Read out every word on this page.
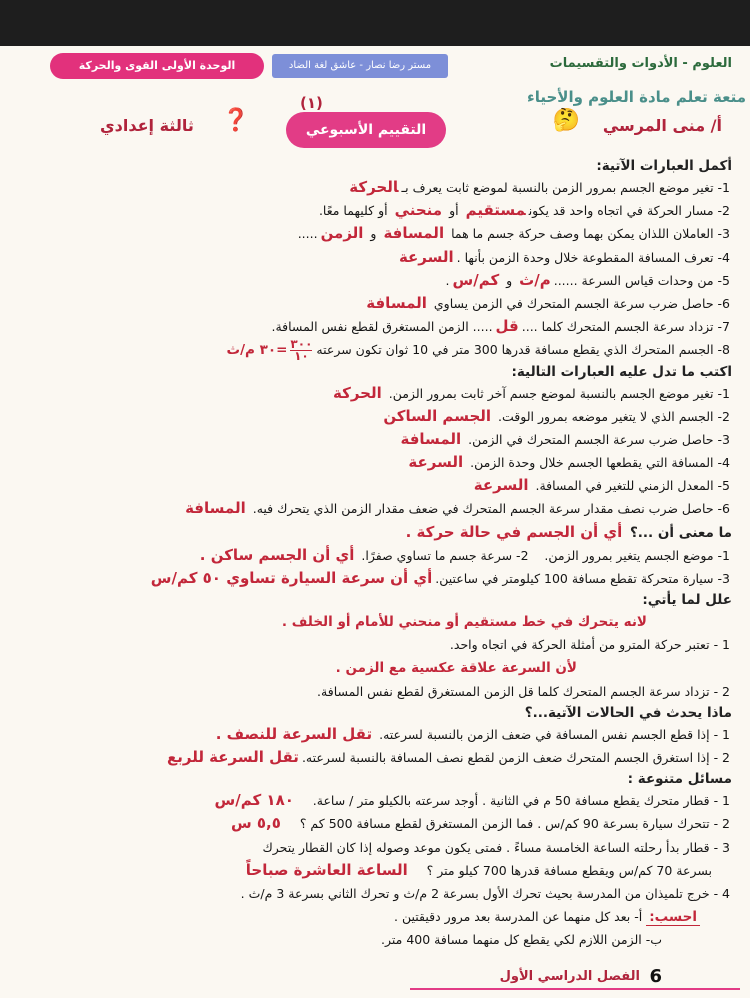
العلوم - الأدوات والتقسيمات
مستر رضا نصار - عاشق لغة الضاد
الوحدة الأولى القوى والحركة
متعة تعلم مادة العلوم والأحياء
أ/ منى المرسي
🤔
(١)
التقييم الأسبوعي
❓
ثالثة إعدادي
أكمل العبارات الآتية:
1- تغير موضع الجسم بمرور الزمن بالنسبة لموضع ثابت يعرف بـالحركة
2- مسار الحركة في اتجاه واحد قد يكونمستقيم أو منحني أو كليهما معًا.
3- العاملان اللذان يمكن بهما وصف حركة جسم ما هما المسافة و الزمن.....
4- تعرف المسافة المقطوعة خلال وحدة الزمن بأنها .السرعة
5- من وحدات قياس السرعة ......م/ث و كم/س.
6- حاصل ضرب سرعة الجسم المتحرك في الزمن يساوي المسافة
7- تزداد سرعة الجسم المتحرك كلما ....قل..... الزمن المستغرق لقطع نفس المسافة.
8- الجسم المتحرك الذي يقطع مسافة قدرها 300 متر في 10 ثوان تكون سرعته $\frac{٣٠٠}{١٠}$
=٣٠ م/ث
اكتب ما تدل عليه العبارات التالية:
1- تغير موضع الجسم بالنسبة لموضع جسم آخر ثابت بمرور الزمن. الحركة
2- الجسم الذي لا يتغير موضعه بمرور الوقت. الجسم الساكن
3- حاصل ضرب سرعة الجسم المتحرك في الزمن. المسافة
4- المسافة التي يقطعها الجسم خلال وحدة الزمن. السرعة
5- المعدل الزمني للتغير في المسافة. السرعة
6- حاصل ضرب نصف مقدار سرعة الجسم المتحرك في ضعف مقدار الزمن الذي يتحرك فيه. المسافة
ما معنى أن ...؟ أي أن الجسم في حالة حركة .
1- موضع الجسم يتغير بمرور الزمن.    2- سرعة جسم ما تساوي صفرًا. أي أن الجسم ساكن .
3- سيارة متحركة تقطع مسافة 100 كيلومتر في ساعتين.أي أن سرعة السيارة تساوي ٥٠ كم/س
علل لما يأتي:
لانه يتحرك في خط مستقيم أو منحني للأمام أو الخلف .
1 - تعتبر حركة المترو من أمثلة الحركة في اتجاه واحد.
لأن السرعة علاقة عكسية مع الزمن .
2 - تزداد سرعة الجسم المتحرك كلما قل الزمن المستغرق لقطع نفس المسافة.
ماذا يحدث في الحالات الآتية...؟
1 - إذا قطع الجسم نفس المسافة في ضعف الزمن بالنسبة لسرعته. تقل السرعة للنصف .
2 - إذا استغرق الجسم المتحرك ضعف الزمن لقطع نصف المسافة بالنسبة لسرعته.تقل السرعة للربع
مسائل متنوعة :
1 - قطار متحرك يقطع مسافة 50 م في الثانية . أوجد سرعته بالكيلو متر / ساعة.    ١٨٠ كم/س
2 - تتحرك سيارة بسرعة 90 كم/س . فما الزمن المستغرق لقطع مسافة 500 كم ؟    ٥,٥ س
3 - قطار بدأ رحلته الساعة الخامسة مساءً . فمتى يكون موعد وصوله إذا كان القطار يتحرك
بسرعة 70 كم/س ويقطع مسافة قدرها 700 كيلو متر ؟    الساعة العاشرة صباحاً
4 - خرج تلميذان من المدرسة بحيث تحرك الأول بسرعة 2 م/ث و تحرك الثاني بسرعة 3 م/ث .
احسب: أ- بعد كل منهما عن المدرسة بعد مرور دقيقتين .
ب- الزمن اللازم لكي يقطع كل منهما مسافة 400 متر.
6
الفصل الدراسي الأول
